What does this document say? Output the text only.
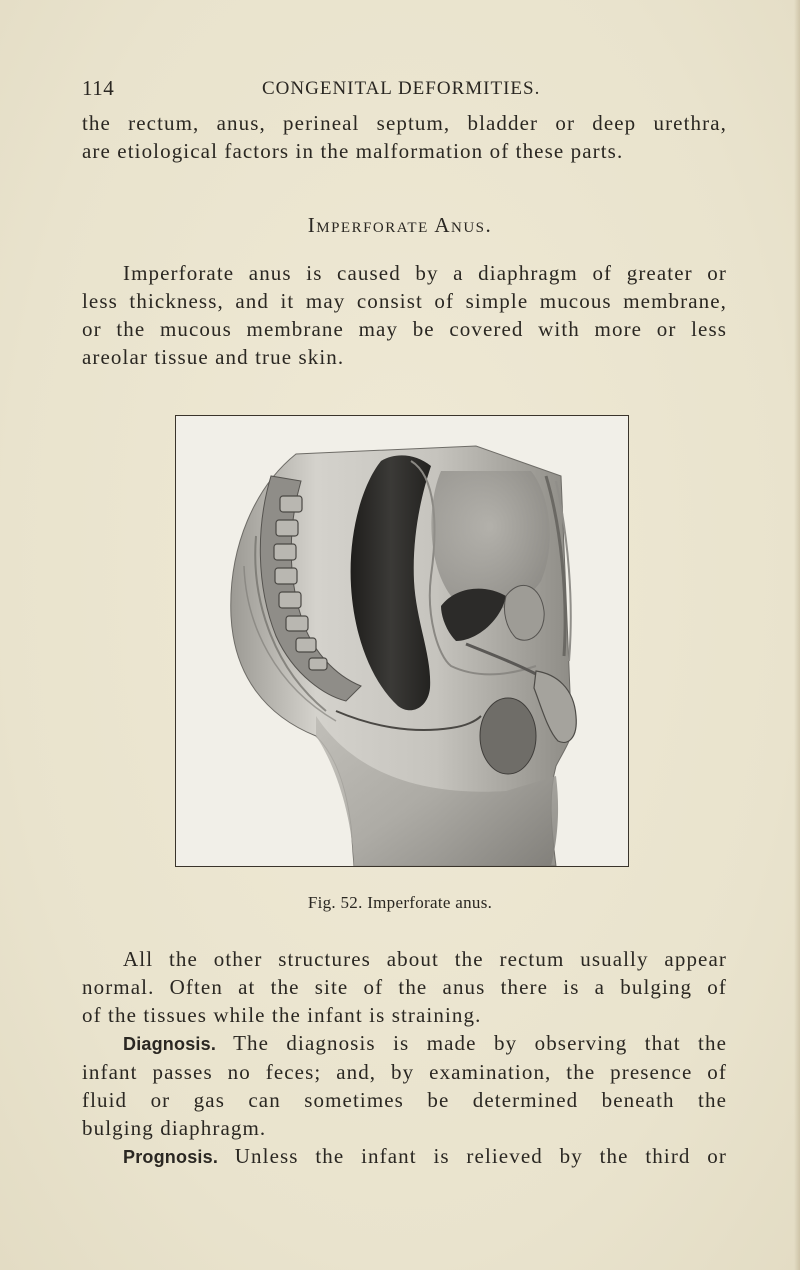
114	CONGENITAL DEFORMITIES.

the rectum, anus, perineal septum, bladder or deep urethra,
are etiological factors in the malformation of these parts.

Imperforate Anus.

Imperforate anus is caused by a diaphragm of greater or
less thickness, and it may consist of simple mucous membrane,
or the mucous membrane may be covered with more or less
areolar tissue and true skin.

Fig. 52. Imperforate anus.

All the other structures about the rectum usually appear
normal. Often at the site of the anus there is a bulging of
of the tissues while the infant is straining.
Diagnosis. The diagnosis is made by observing that the
infant passes no feces; and, by examination, the presence of
fluid or gas can sometimes be determined beneath the
bulging diaphragm.
Prognosis. Unless the infant is relieved by the third or
